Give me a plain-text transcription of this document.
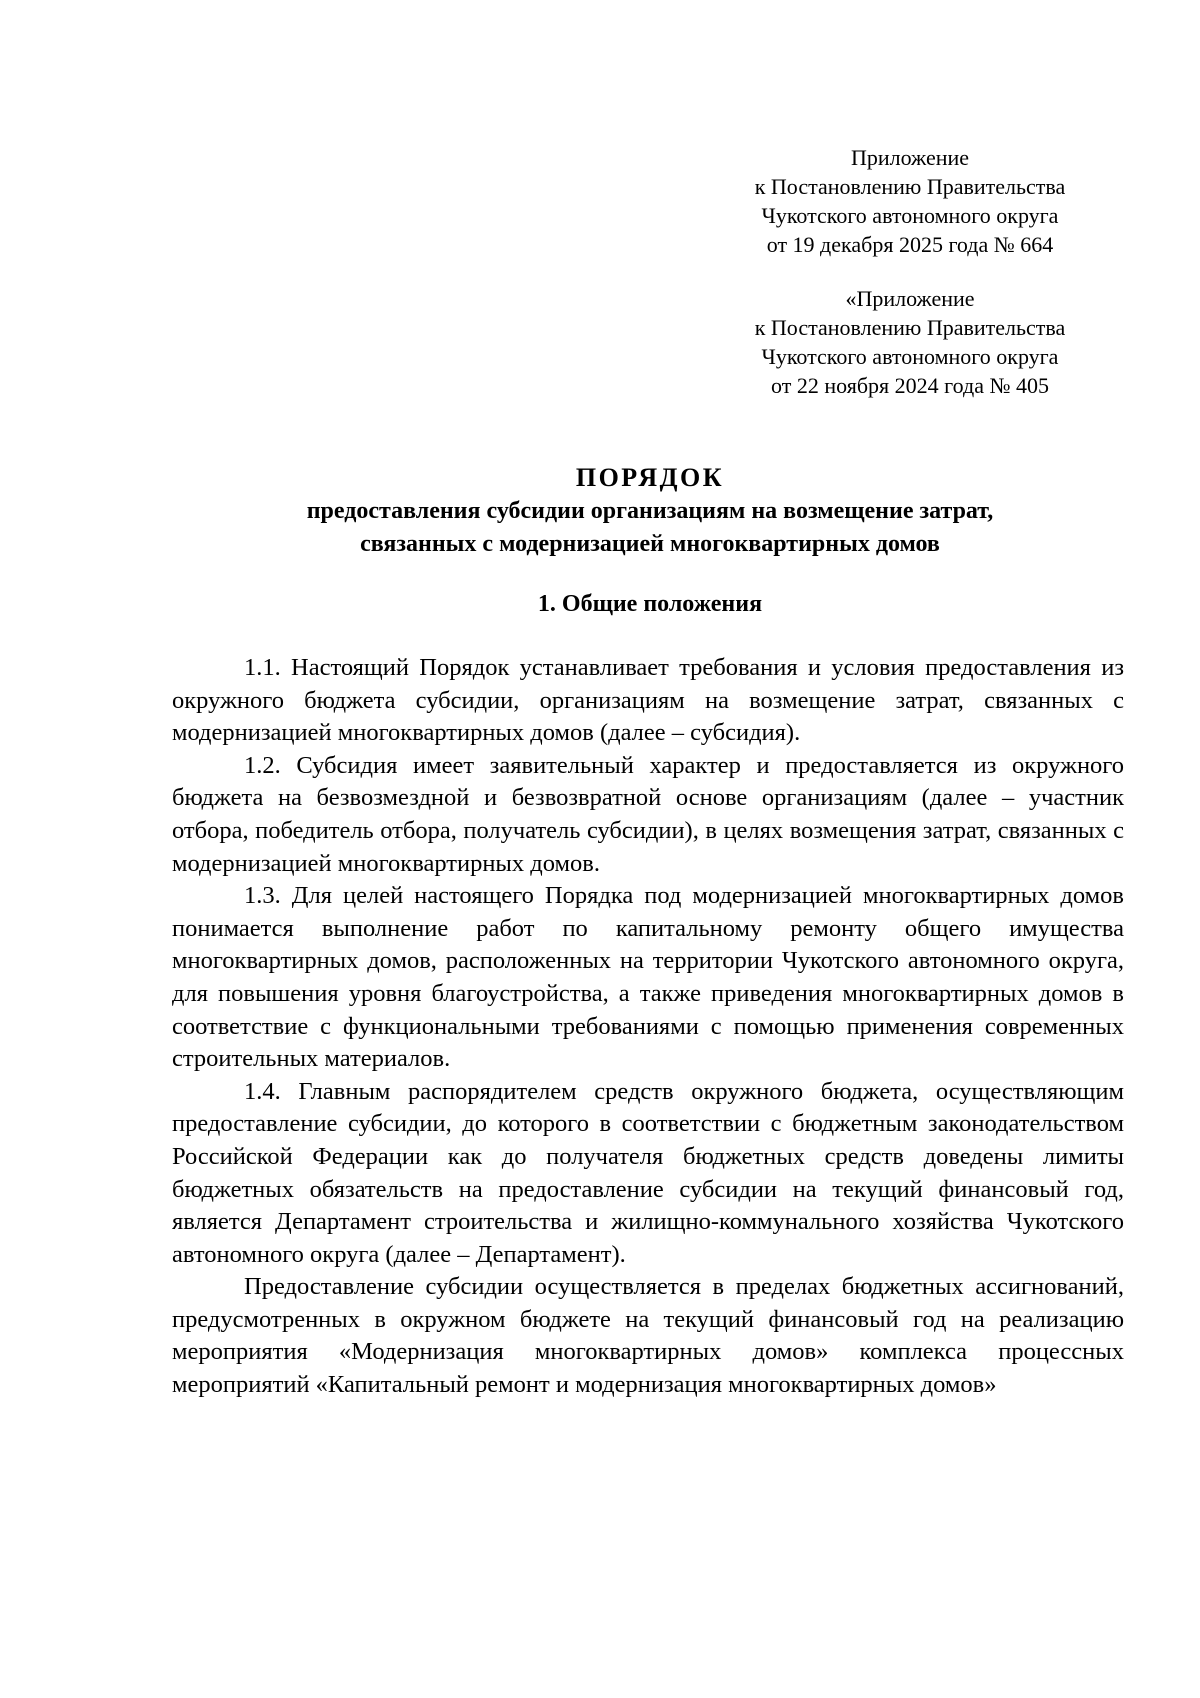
Приложение
к Постановлению Правительства
Чукотского автономного округа
от 19 декабря 2025 года № 664
«Приложение
к Постановлению Правительства
Чукотского автономного округа
от 22 ноября 2024 года № 405
ПОРЯДОК
предоставления субсидии организациям на возмещение затрат,
связанных с модернизацией многоквартирных домов
1. Общие положения

1.1. Настоящий Порядок устанавливает требования и условия предоставления из окружного бюджета субсидии, организациям на возмещение затрат, связанных с модернизацией многоквартирных домов (далее – субсидия).

1.2. Субсидия имеет заявительный характер и предоставляется из окружного бюджета на безвозмездной и безвозвратной основе организациям (далее – участник отбора, победитель отбора, получатель субсидии), в целях возмещения затрат, связанных с модернизацией многоквартирных домов.

1.3. Для целей настоящего Порядка под модернизацией многоквартирных домов понимается выполнение работ по капитальному ремонту общего имущества многоквартирных домов, расположенных на территории Чукотского автономного округа, для повышения уровня благоустройства, а также приведения многоквартирных домов в соответствие с функциональными требованиями с помощью применения современных строительных материалов.

1.4. Главным распорядителем средств окружного бюджета, осуществляющим предоставление субсидии, до которого в соответствии с бюджетным законодательством Российской Федерации как до получателя бюджетных средств доведены лимиты бюджетных обязательств на предоставление субсидии на текущий финансовый год, является Департамент строительства и жилищно-коммунального хозяйства Чукотского автономного округа (далее – Департамент).

Предоставление субсидии осуществляется в пределах бюджетных ассигнований, предусмотренных в окружном бюджете на текущий финансовый год на реализацию мероприятия «Модернизация многоквартирных домов» комплекса процессных мероприятий «Капитальный ремонт и модернизация многоквартирных домов»
